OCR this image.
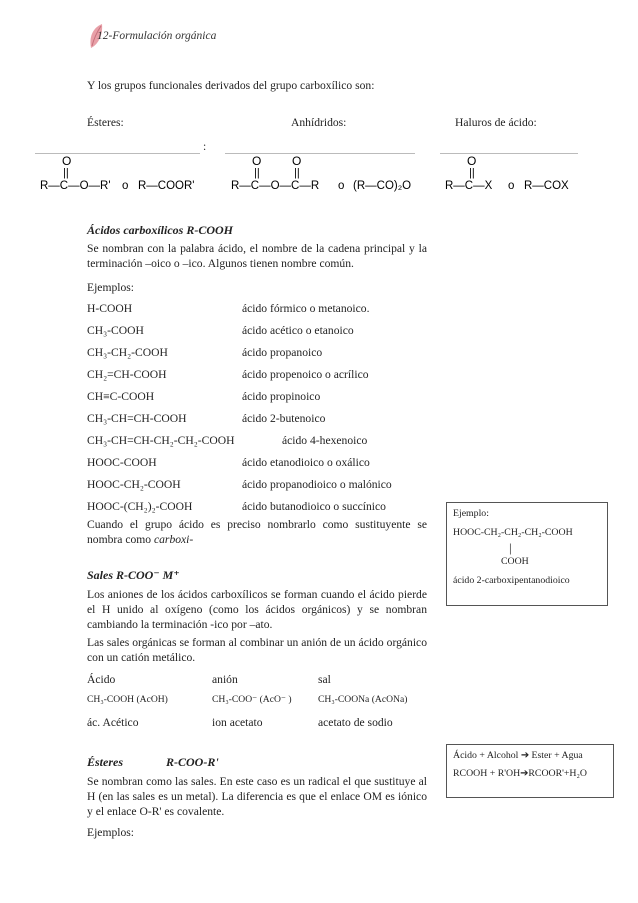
12-Formulación orgánica
Y los grupos funcionales derivados del grupo carboxílico son:
Ésteres:	Anhídridos:	Haluros de ácido:
:
O
||
R—C—O—R' o R—COOR'
O	O
||	||
R—C—O—C—R o (R—CO)₂O
O
||
R—C—X o R—COX
Ácidos carboxílicos R-COOH
Se nombran con la palabra ácido, el nombre de la cadena principal y la terminación –oico o –ico. Algunos tienen nombre común.
Ejemplos:
H-COOH	ácido fórmico o metanoico.
CH₃-COOH	ácido acético o etanoico
CH₃-CH₂-COOH	ácido propanoico
CH₂=CH-COOH	ácido propenoico o acrílico
CH≡C-COOH	ácido propinoico
CH₃-CH=CH-COOH	ácido 2-butenoico
CH₃-CH=CH-CH₂-CH₂-COOH	ácido 4-hexenoico
HOOC-COOH	ácido etanodioico o oxálico
HOOC-CH₂-COOH	ácido propanodioico o malónico
HOOC-(CH₂)₂-COOH	ácido butanodioico o succínico
Cuando el grupo ácido es preciso nombrarlo como sustituyente se nombra como carboxi-
Ejemplo:
HOOC-CH₂-CH₂-CH₂-COOH
|
COOH
ácido 2-carboxipentanodioico
Sales R-COO⁻ M⁺
Los aniones de los ácidos carboxílicos se forman cuando el ácido pierde el H unido al oxígeno (como los ácidos orgánicos) y se nombran cambiando la terminación -ico por –ato.
Las sales orgánicas se forman al combinar un anión de un ácido orgánico con un catión metálico.
Ácido	anión	sal
CH₃-COOH (AcOH)	CH₃-COO⁻ (AcO⁻ )	CH₃-COONa (AcONa)
ác. Acético	ion acetato	acetato de sodio
Ésteres	R-COO-R'
Se nombran como las sales. En este caso es un radical el que sustituye al H (en las sales es un metal). La diferencia es que el enlace OM es iónico y el enlace O-R' es covalente.
Ejemplos:
Ácido + Alcohol ➔ Ester + Agua
RCOOH + R'OH➔RCOOR'+H₂O
